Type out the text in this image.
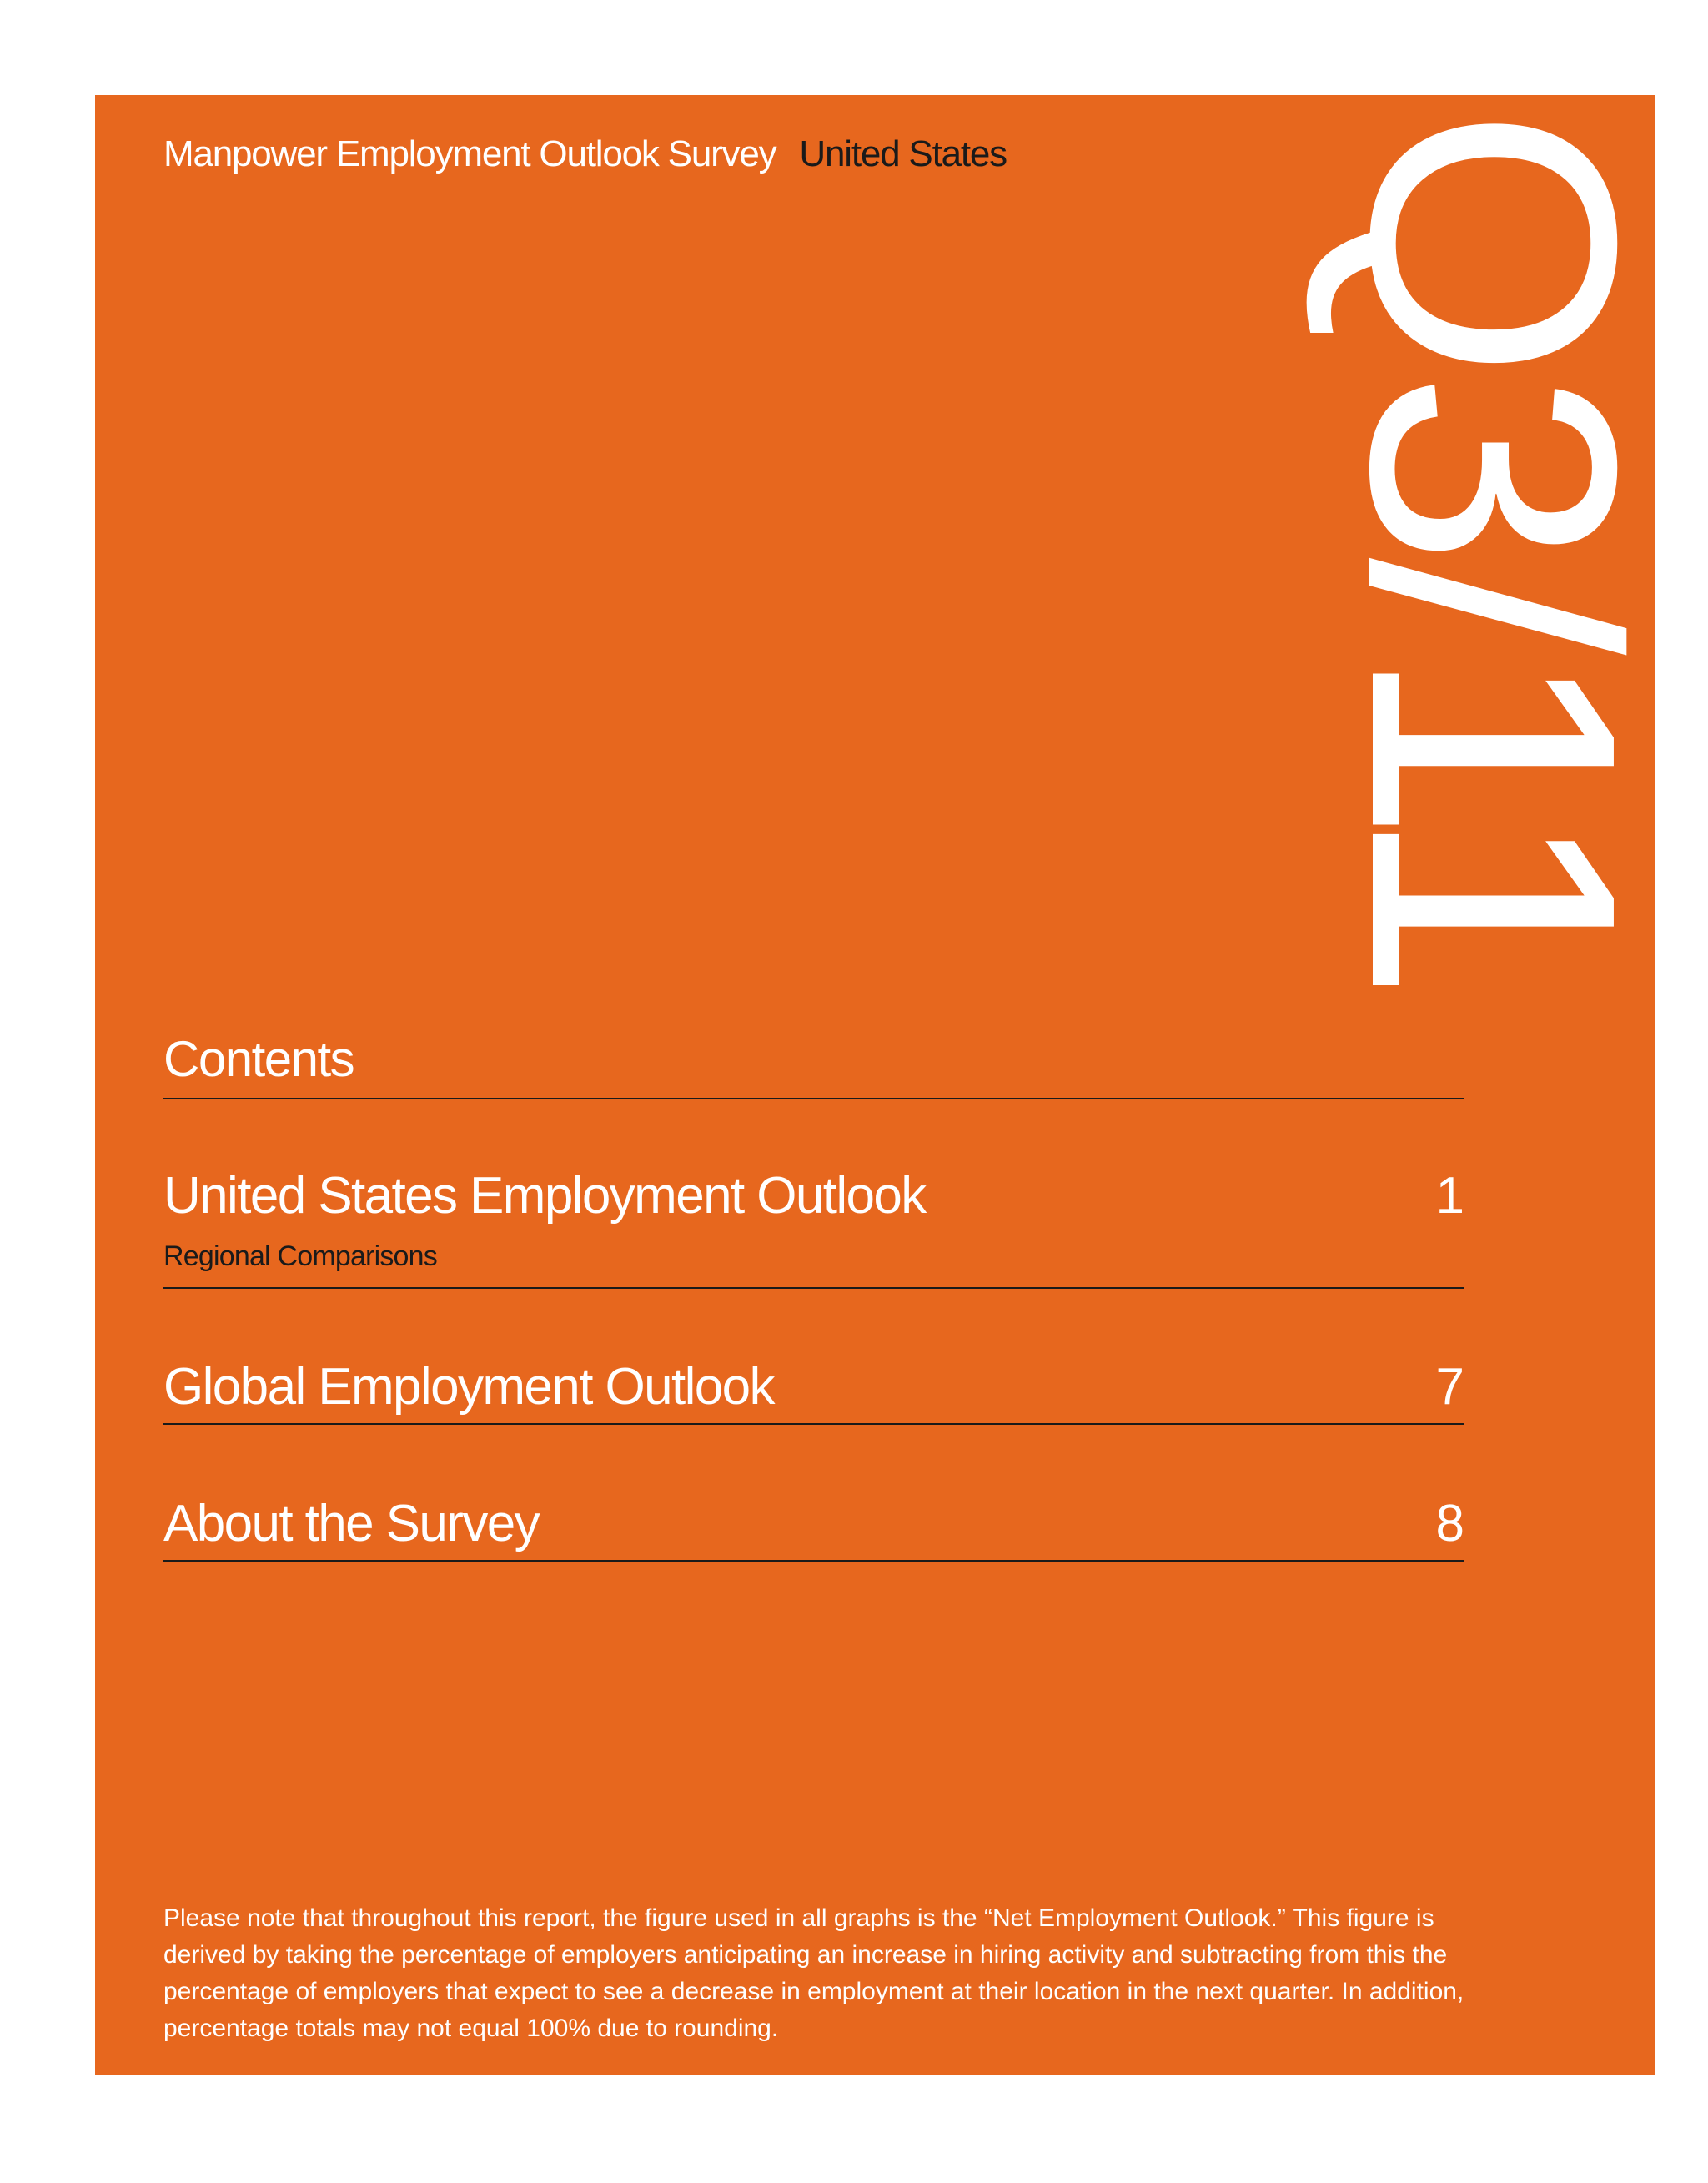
Manpower Employment Outlook Survey United States Q3/11
Contents
United States Employment Outlook	1
Regional Comparisons
Global Employment Outlook	7
About the Survey	8
Please note that throughout this report, the figure used in all graphs is the “Net Employment Outlook.” This figure is derived by taking the percentage of employers anticipating an increase in hiring activity and subtracting from this the percentage of employers that expect to see a decrease in employment at their location in the next quarter. In addition, percentage totals may not equal 100% due to rounding.
